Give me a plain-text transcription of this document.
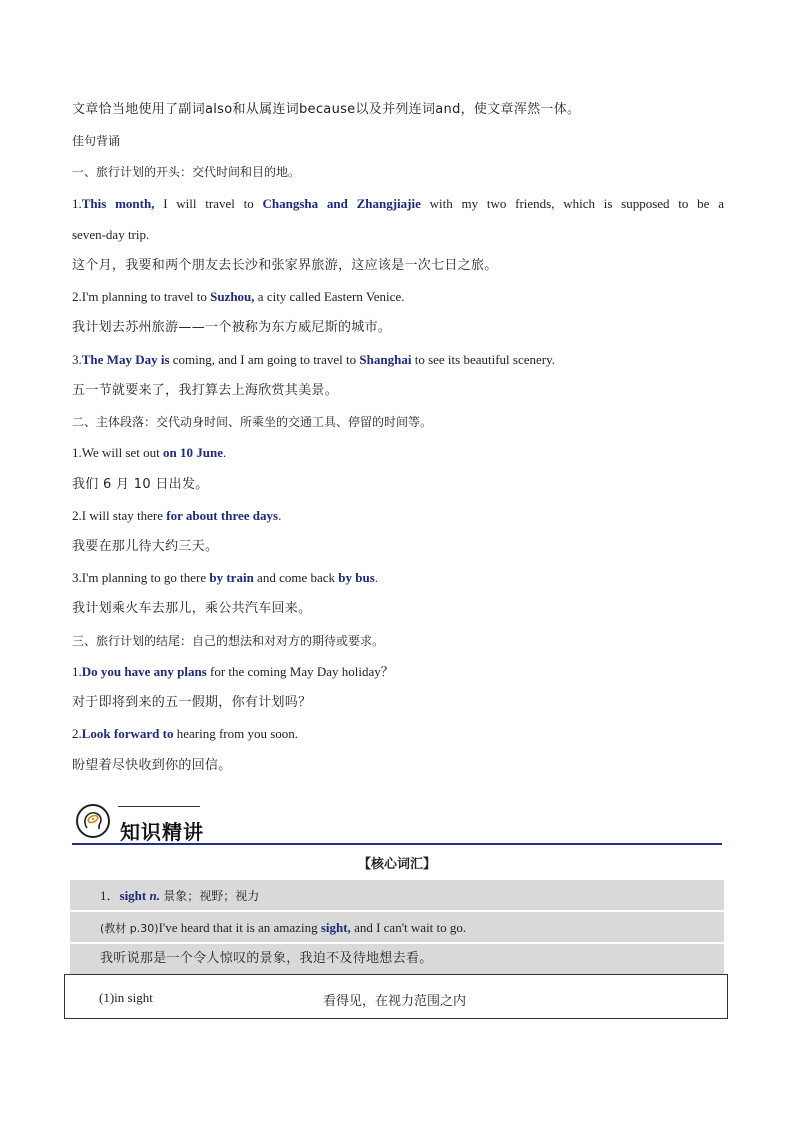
文章恰当地使用了副词also和从属连词because以及并列连词and，使文章浑然一体。
佳句背诵
一、旅行计划的开头：交代时间和目的地。
1.This month, I will travel to Changsha and Zhangjiajie with my two friends, which is supposed to be a
seven-day trip.
这个月，我要和两个朋友去长沙和张家界旅游，这应该是一次七日之旅。
2.I'm planning to travel to Suzhou, a city called Eastern Venice.
我计划去苏州旅游——一个被称为东方威尼斯的城市。
3.The May Day is coming, and I am going to travel to Shanghai to see its beautiful scenery.
五一节就要来了，我打算去上海欣赏其美景。
二、主体段落：交代动身时间、所乘坐的交通工具、停留的时间等。
1.We will set out on 10 June.
我们 6 月 10 日出发。
2.I will stay there for about three days.
我要在那儿待大约三天。
3.I'm planning to go there by train and come back by bus.
我计划乘火车去那儿，乘公共汽车回来。
三、旅行计划的结尾：自己的想法和对对方的期待或要求。
1.Do you have any plans for the coming May Day holiday？
对于即将到来的五一假期，你有计划吗？
2.Look forward to hearing from you soon.
盼望着尽快收到你的回信。
知识精讲
【核心词汇】
1．sight n. 景象；视野；视力
(教材 p.30)I've heard that it is an amazing sight, and I can't wait to go.
我听说那是一个令人惊叹的景象，我迫不及待地想去看。
(1)in sight	看得见，在视力范围之内
